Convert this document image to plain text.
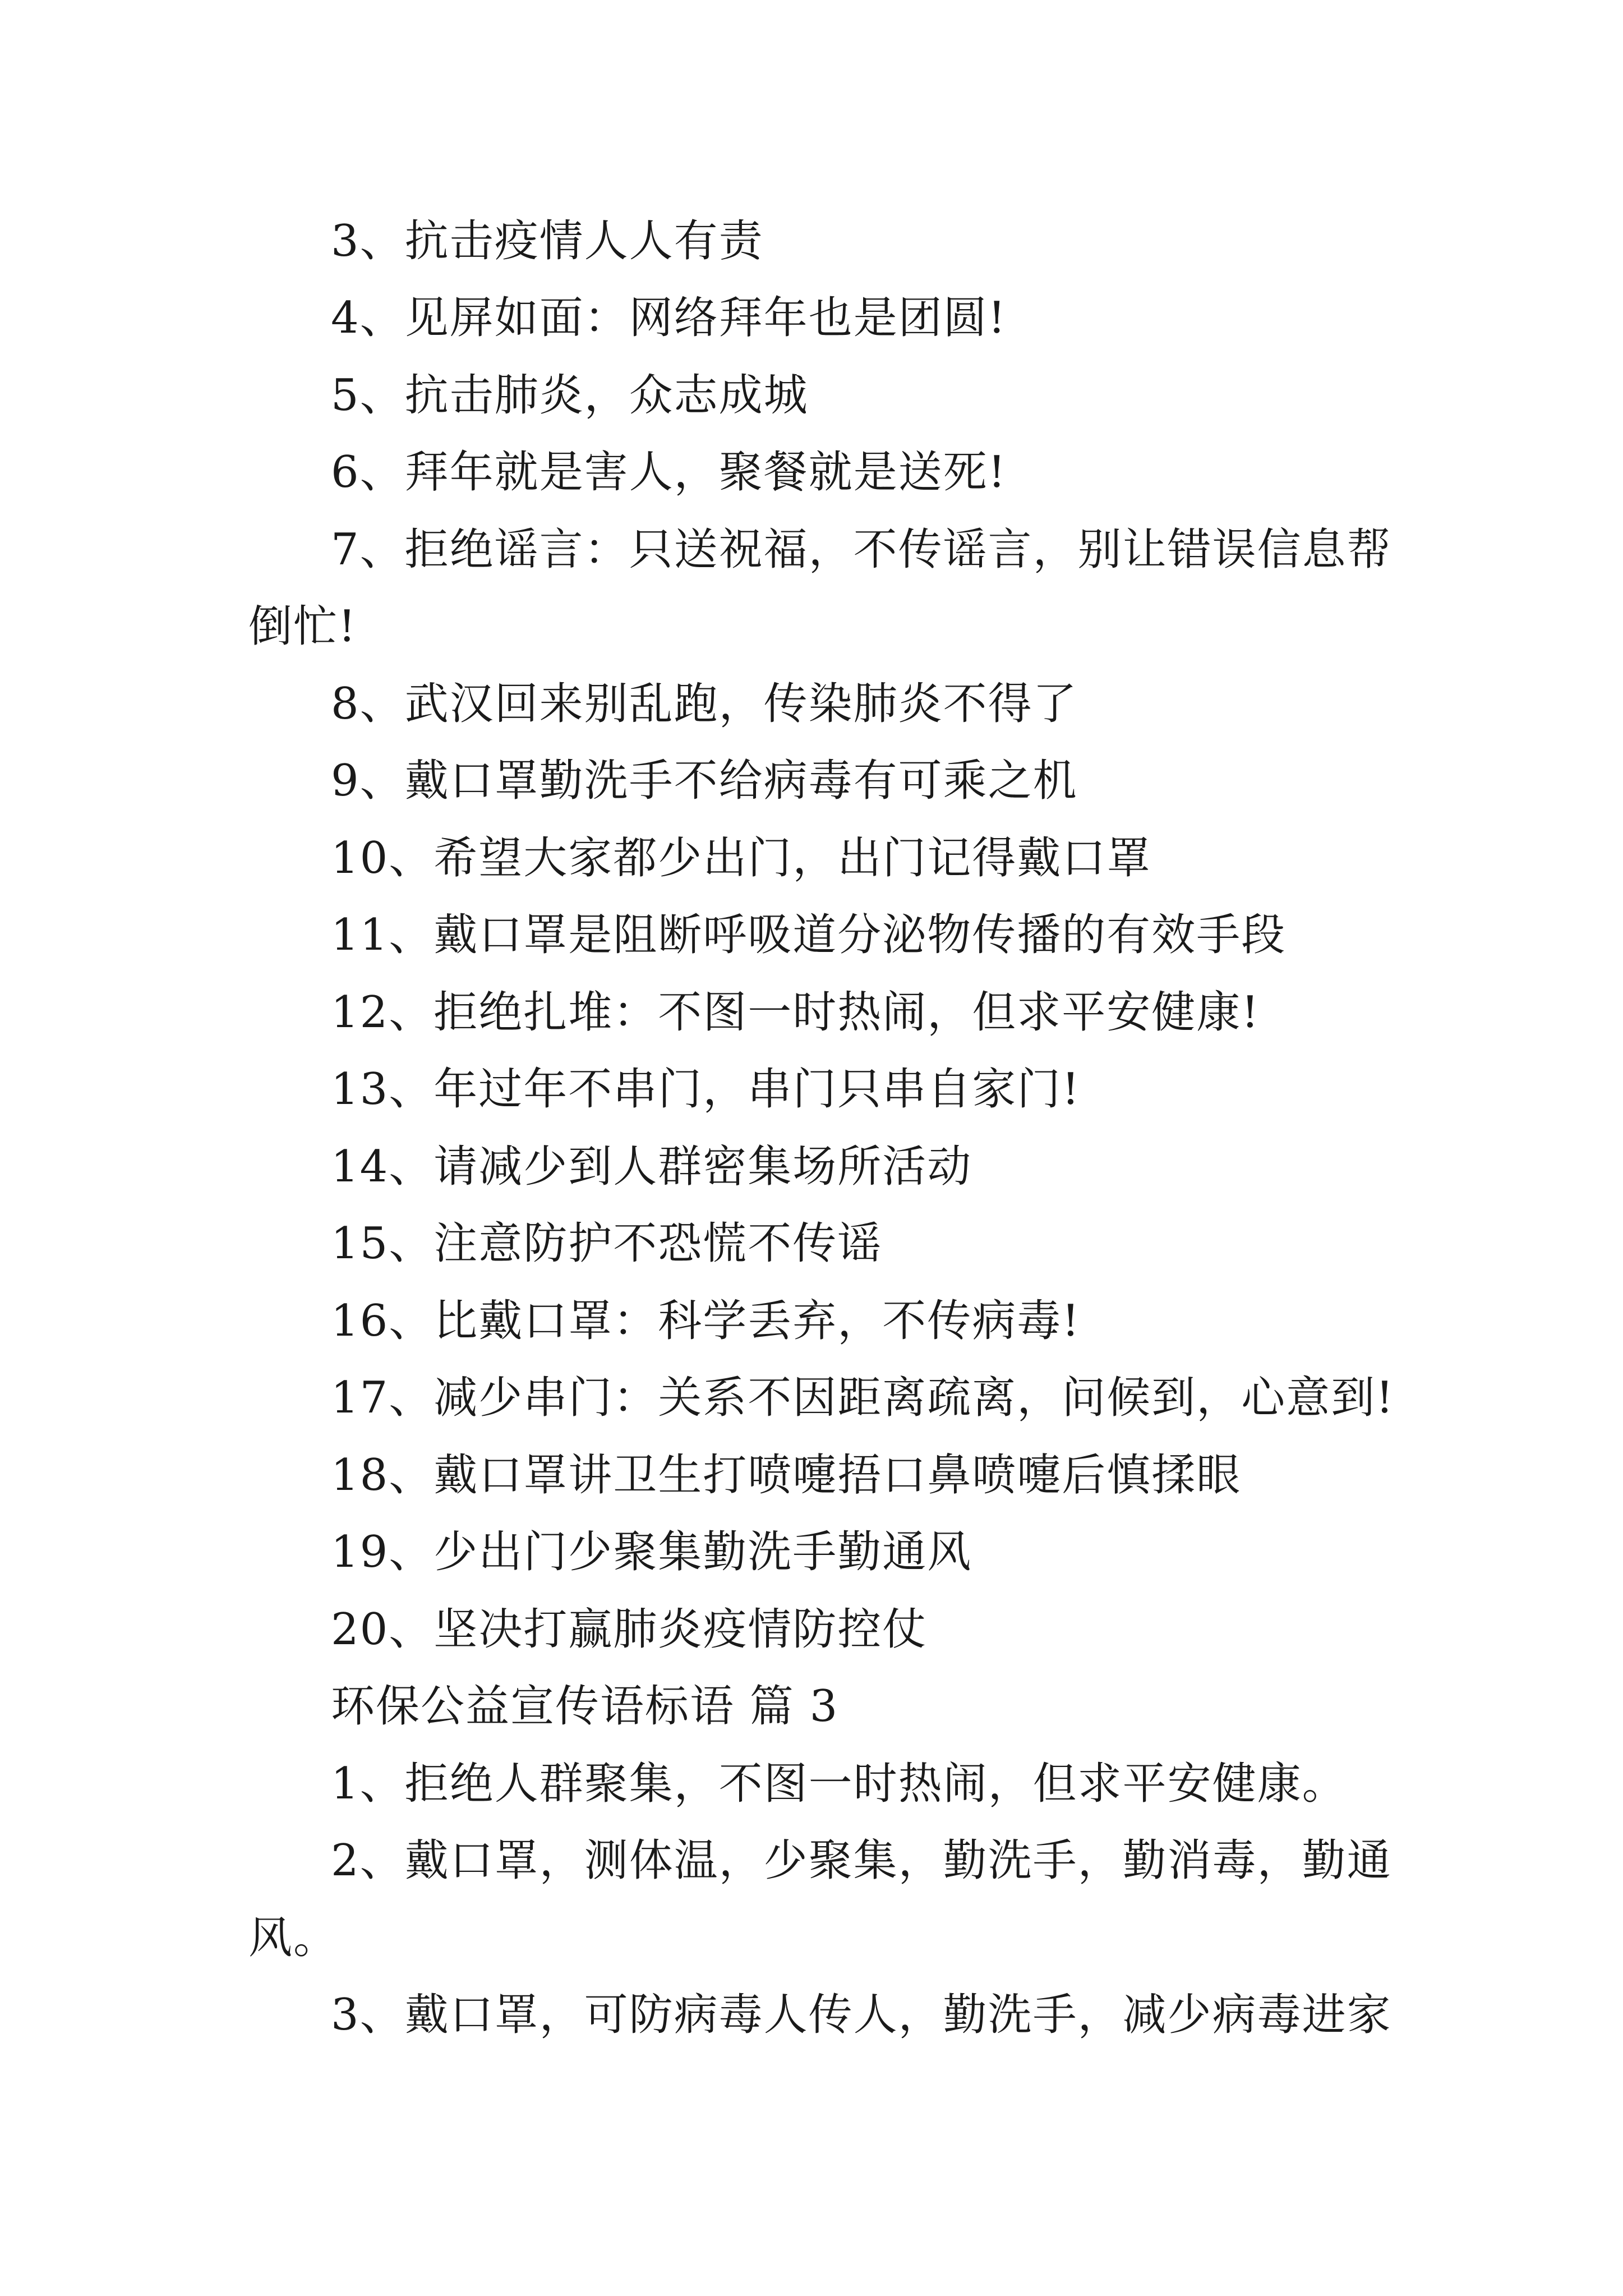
3、抗击疫情人人有责
4、见屏如面：网络拜年也是团圆!
5、抗击肺炎，众志成城
6、拜年就是害人，聚餐就是送死!
7、拒绝谣言：只送祝福，不传谣言，别让错误信息帮
倒忙!
8、武汉回来别乱跑，传染肺炎不得了
9、戴口罩勤洗手不给病毒有可乘之机
10、希望大家都少出门，出门记得戴口罩
11、戴口罩是阻断呼吸道分泌物传播的有效手段
12、拒绝扎堆：不图一时热闹，但求平安健康!
13、年过年不串门，串门只串自家门!
14、请减少到人群密集场所活动
15、注意防护不恐慌不传谣
16、比戴口罩：科学丢弃，不传病毒!
17、减少串门：关系不因距离疏离，问候到，心意到!
18、戴口罩讲卫生打喷嚏捂口鼻喷嚏后慎揉眼
19、少出门少聚集勤洗手勤通风
20、坚决打赢肺炎疫情防控仗
环保公益宣传语标语 篇 3
1、拒绝人群聚集，不图一时热闹，但求平安健康。
2、戴口罩，测体温，少聚集，勤洗手，勤消毒，勤通
风。
3、戴口罩，可防病毒人传人，勤洗手，减少病毒进家
